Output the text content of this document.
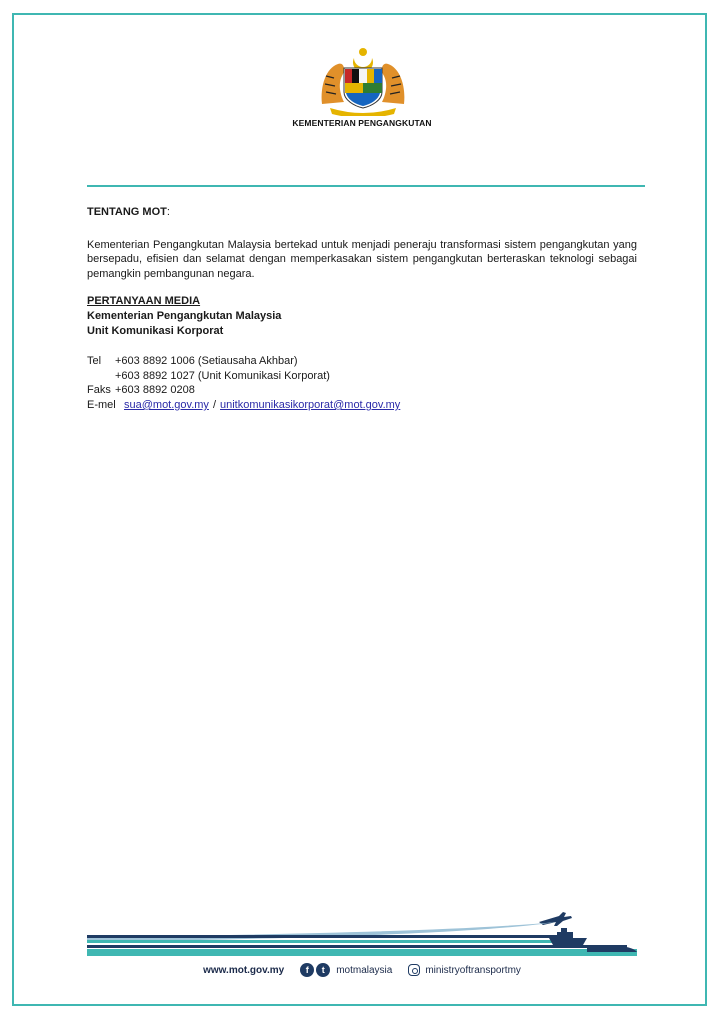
KEMENTERIAN PENGANGKUTAN

TENTANG MOT:

Kementerian Pengangkutan Malaysia bertekad untuk menjadi peneraju transformasi sistem pengangkutan yang bersepadu, efisien dan selamat dengan memperkasakan sistem pengangkutan berteraskan teknologi sebagai pemangkin pembangunan negara.

PERTANYAAN MEDIA

Kementerian Pengangkutan Malaysia

Unit Komunikasi Korporat

Tel	+603 8892 1006 (Setiausaha Akhbar)
+603 8892 1027 (Unit Komunikasi Korporat)
Faks +603 8892 0208
E-mel sua@mot.gov.my / unitkomunikasikorporat@mot.gov.my
www.mot.gov.my	f	t	motmalaysia	ministryoftransportmy
